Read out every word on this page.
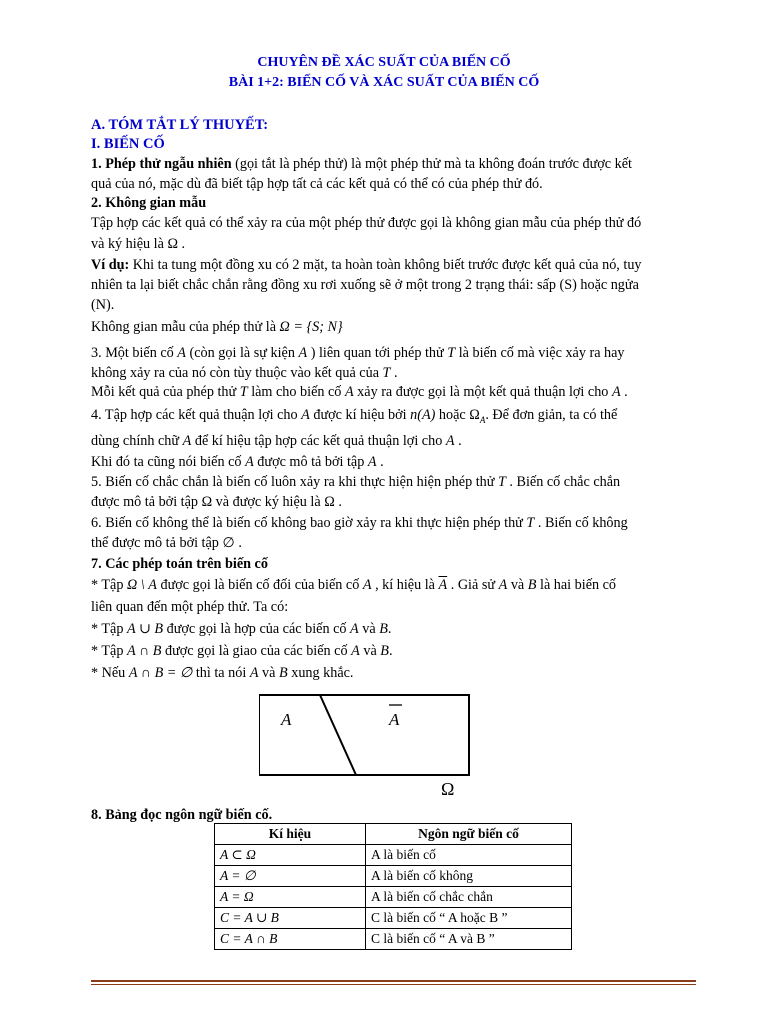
CHUYÊN ĐỀ XÁC SUẤT CỦA BIẾN CỐ
BÀI 1+2: BIẾN CỐ VÀ XÁC SUẤT CỦA BIẾN CỐ
A. TÓM TẮT LÝ THUYẾT:
I. BIẾN CỐ
1. Phép thử ngẫu nhiên (gọi tắt là phép thử) là một phép thử mà ta không đoán trước được kết
quả của nó, mặc dù đã biết tập hợp tất cả các kết quả có thể có của phép thử đó.
2. Không gian mẫu
Tập hợp các kết quả có thể xảy ra của một phép thử được gọi là không gian mẫu của phép thử đó
và ký hiệu là Ω .
Ví dụ: Khi ta tung một đồng xu có 2 mặt, ta hoàn toàn không biết trước được kết quả của nó, tuy
nhiên ta lại biết chắc chắn rằng đồng xu rơi xuống sẽ ở một trong 2 trạng thái: sấp (S) hoặc ngửa
(N).
Không gian mẫu của phép thử là Ω = {S; N}
3. Một biến cố A (còn gọi là sự kiện A ) liên quan tới phép thử T là biến cố mà việc xảy ra hay
không xảy ra của nó còn tùy thuộc vào kết quả của T .
Mỗi kết quả của phép thử T làm cho biến cố A xảy ra được gọi là một kết quả thuận lợi cho A .
4. Tập hợp các kết quả thuận lợi cho A được kí hiệu bởi n(A) hoặc $\Omega_A$. Để đơn giản, ta có thể
dùng chính chữ A để kí hiệu tập hợp các kết quả thuận lợi cho A .
Khi đó ta cũng nói biến cố A được mô tả bởi tập A .
5. Biến cố chắc chắn là biến cố luôn xảy ra khi thực hiện hiện phép thử T . Biến cố chắc chắn
được mô tả bởi tập Ω và được ký hiệu là Ω .
6. Biến cố không thể là biến cố không bao giờ xảy ra khi thực hiện phép thử T . Biến cố không
thể được mô tả bởi tập ∅ .
7. Các phép toán trên biến cố
* Tập Ω \ A được gọi là biến cố đối của biến cố A , kí hiệu là $\overline{A}$ . Giả sử A và B là hai biến cố
liên quan đến một phép thử. Ta có:
* Tập A ∪ B được gọi là hợp của các biến cố A và B.
* Tập A ∩ B được gọi là giao của các biến cố A và B.
* Nếu A ∩ B = ∅ thì ta nói A và B xung khắc.
A	A
Ω
8. Bảng đọc ngôn ngữ biến cố.
Kí hiệu	Ngôn ngữ biến cố
A ⊂ Ω	A là biến cố
A = ∅	A là biến cố không
A = Ω	A là biến cố chắc chắn
C = A ∪ B	C là biến cố “ A hoặc B ”
C = A ∩ B	C là biến cố “ A và B ”
